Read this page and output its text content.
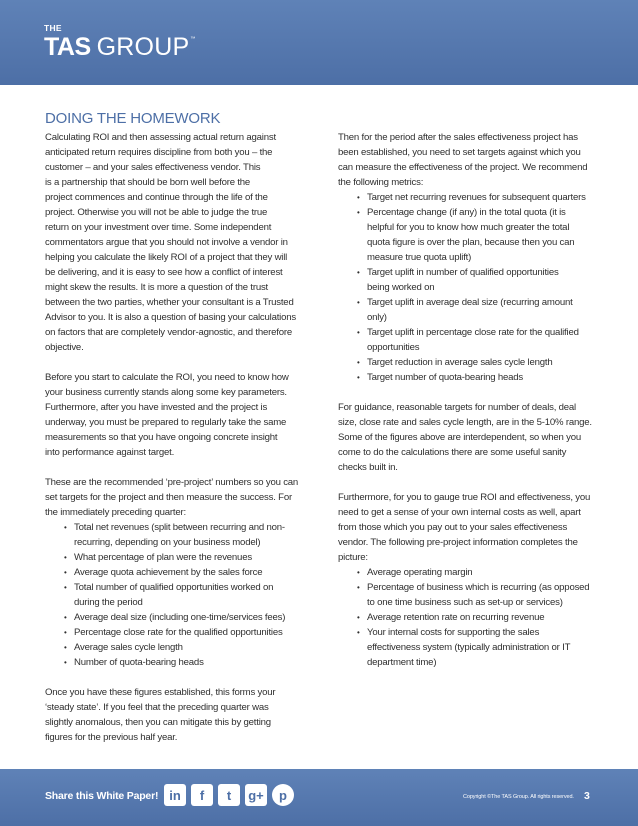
THE
TAS GROUP ™
DOING THE HOMEWORK

Calculating ROI and then assessing actual return against
anticipated return requires discipline from both you – the
customer – and your sales effectiveness vendor. This
is a partnership that should be born well before the
project commences and continue through the life of the
project. Otherwise you will not be able to judge the true
return on your investment over time. Some independent
commentators argue that you should not involve a vendor in
helping you calculate the likely ROI of a project that they will
be delivering, and it is easy to see how a conflict of interest
might skew the results. It is more a question of the trust
between the two parties, whether your consultant is a Trusted
Advisor to you. It is also a question of basing your calculations
on factors that are completely vendor-agnostic, and therefore
objective.

Before you start to calculate the ROI, you need to know how
your business currently stands along some key parameters.
Furthermore, after you have invested and the project is
underway, you must be prepared to regularly take the same
measurements so that you have ongoing concrete insight
into performance against target.

These are the recommended ‘pre-project’ numbers so you can
set targets for the project and then measure the success. For
the immediately preceding quarter:

• Total net revenues (split between recurring and non-
recurring, depending on your business model)
• What percentage of plan were the revenues
• Average quota achievement by the sales force
• Total number of qualified opportunities worked on
during the period
• Average deal size (including one-time/services fees)
• Percentage close rate for the qualified opportunities
• Average sales cycle length
• Number of quota-bearing heads

Once you have these figures established, this forms your
‘steady state’. If you feel that the preceding quarter was
slightly anomalous, then you can mitigate this by getting
figures for the previous half year.

Then for the period after the sales effectiveness project has
been established, you need to set targets against which you
can measure the effectiveness of the project. We recommend
the following metrics:

• Target net recurring revenues for subsequent quarters
• Percentage change (if any) in the total quota (it is
helpful for you to know how much greater the total
quota figure is over the plan, because then you can
measure true quota uplift)
• Target uplift in number of qualified opportunities
being worked on
• Target uplift in average deal size (recurring amount
only)
• Target uplift in percentage close rate for the qualified
opportunities
• Target reduction in average sales cycle length
• Target number of quota-bearing heads

For guidance, reasonable targets for number of deals, deal
size, close rate and sales cycle length, are in the 5-10% range.
Some of the figures above are interdependent, so when you
come to do the calculations there are some useful sanity
checks built in.

Furthermore, for you to gauge true ROI and effectiveness, you
need to get a sense of your own internal costs as well, apart
from those which you pay out to your sales effectiveness
vendor. The following pre-project information completes the
picture:

• Average operating margin
• Percentage of business which is recurring (as opposed
to one time business such as set-up or services)
• Average retention rate on recurring revenue
• Your internal costs for supporting the sales
effectiveness system (typically administration or IT
department time)
Share this White Paper! in	f	t	g+	p	Copyright ©The TAS Group. All rights reserved. 3
